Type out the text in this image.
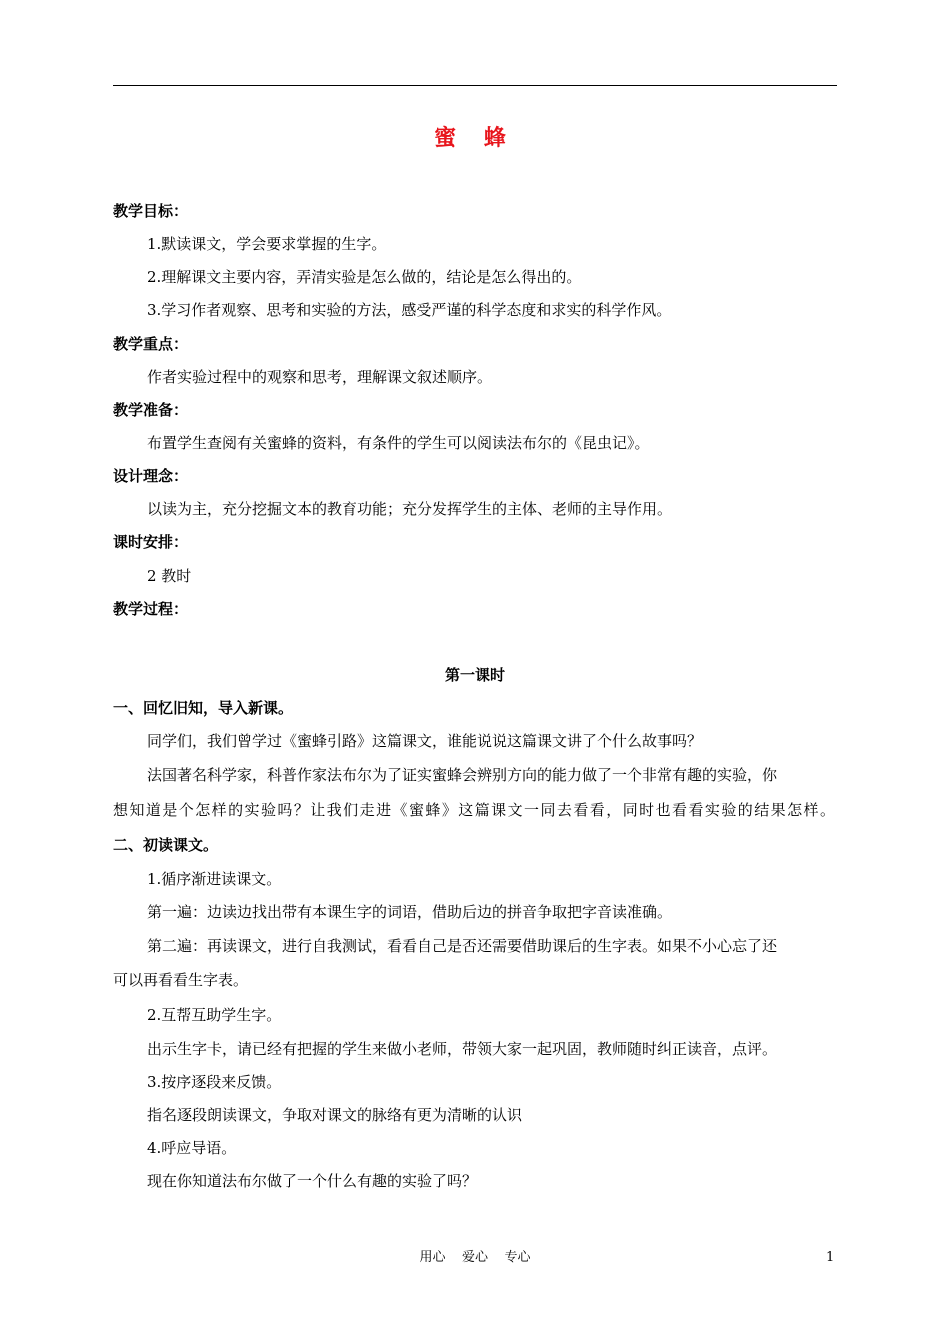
蜜 蜂
教学目标：
1.默读课文，学会要求掌握的生字。
2.理解课文主要内容，弄清实验是怎么做的，结论是怎么得出的。
3.学习作者观察、思考和实验的方法，感受严谨的科学态度和求实的科学作风。
教学重点：
作者实验过程中的观察和思考，理解课文叙述顺序。
教学准备：
布置学生查阅有关蜜蜂的资料，有条件的学生可以阅读法布尔的《昆虫记》。
设计理念：
以读为主，充分挖掘文本的教育功能；充分发挥学生的主体、老师的主导作用。
课时安排：
2 教时
教学过程：
第一课时
一、回忆旧知，导入新课。
同学们，我们曾学过《蜜蜂引路》这篇课文，谁能说说这篇课文讲了个什么故事吗？
法国著名科学家，科普作家法布尔为了证实蜜蜂会辨别方向的能力做了一个非常有趣的实验，你
想知道是个怎样的实验吗？让我们走进《蜜蜂》这篇课文一同去看看，同时也看看实验的结果怎样。
二、初读课文。
1.循序渐进读课文。
第一遍：边读边找出带有本课生字的词语，借助后边的拼音争取把字音读准确。
第二遍：再读课文，进行自我测试，看看自己是否还需要借助课后的生字表。如果不小心忘了还
可以再看看生字表。
2.互帮互助学生字。
出示生字卡，请已经有把握的学生来做小老师，带领大家一起巩固，教师随时纠正读音，点评。
3.按序逐段来反馈。
指名逐段朗读课文，争取对课文的脉络有更为清晰的认识
4.呼应导语。
现在你知道法布尔做了一个什么有趣的实验了吗？
用心    爱心    专心	1
